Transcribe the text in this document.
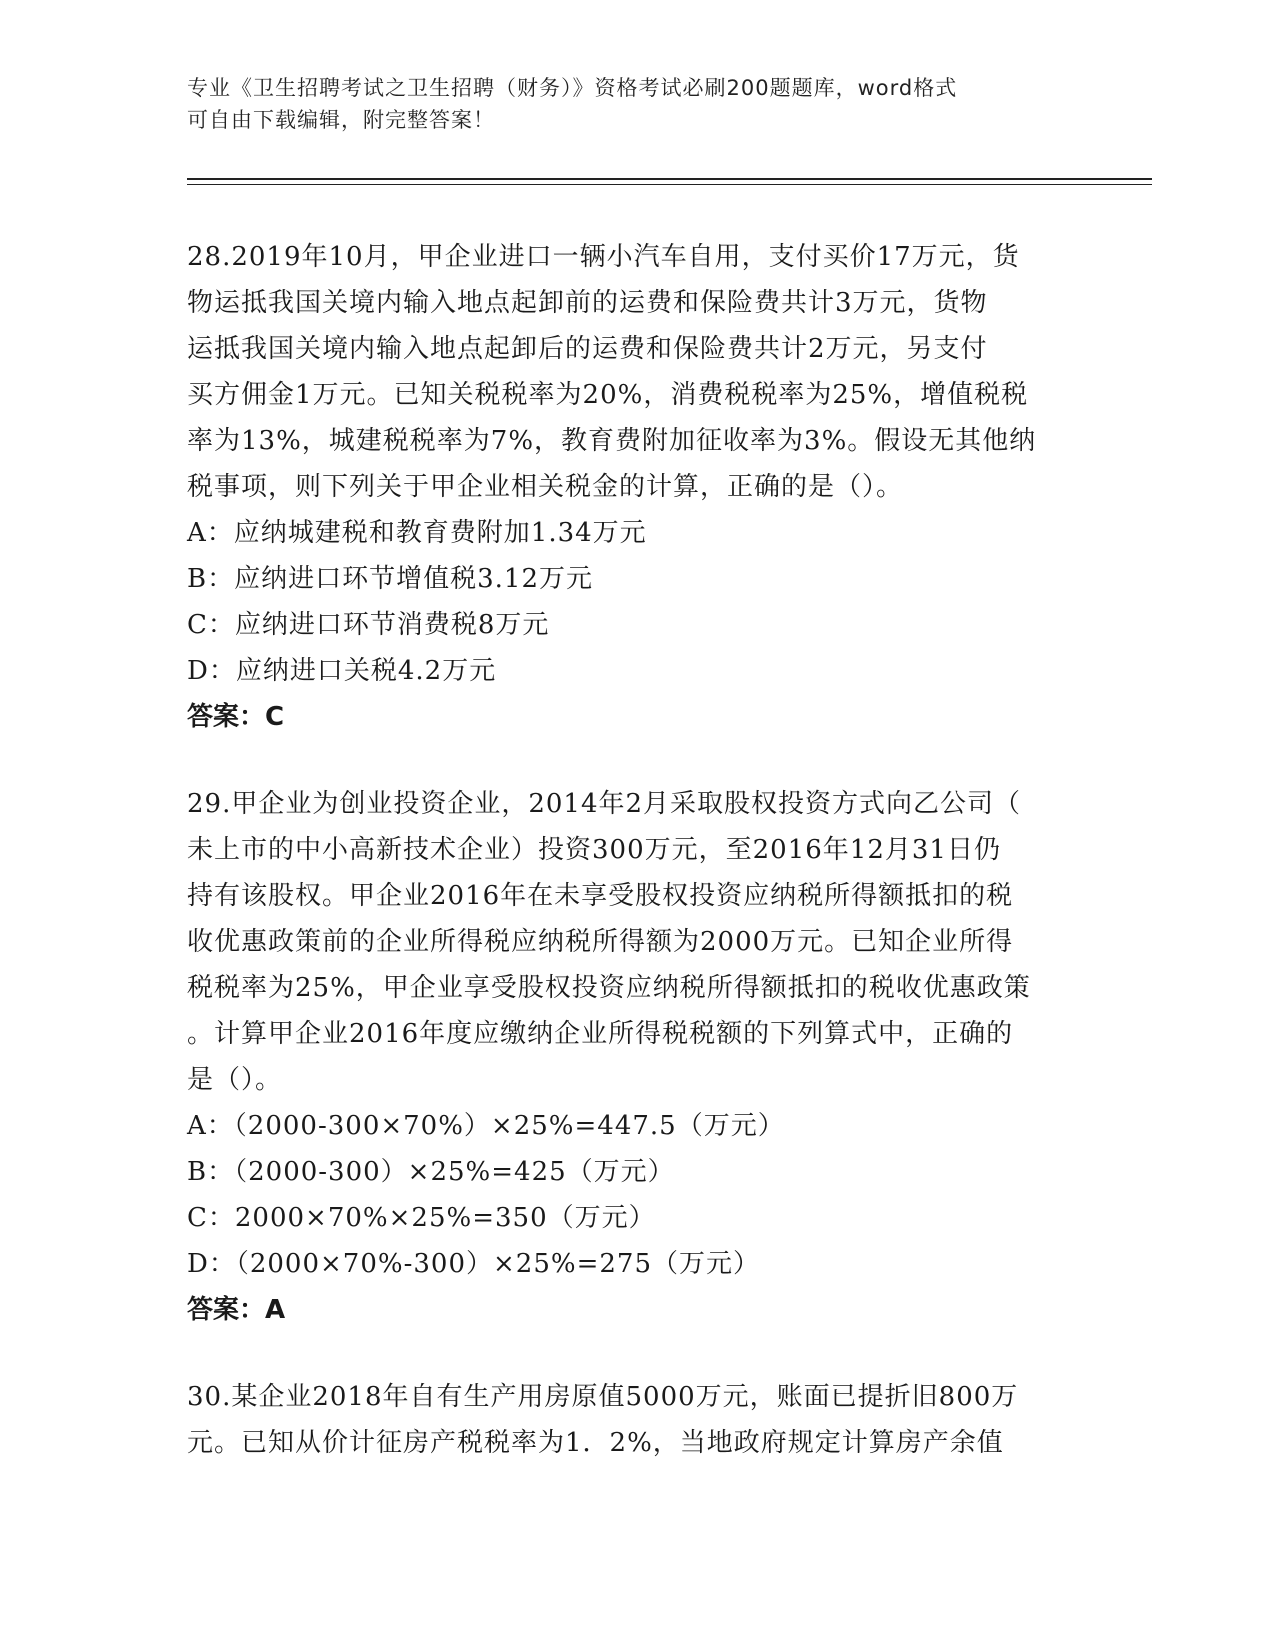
专业《卫生招聘考试之卫生招聘（财务）》资格考试必刷200题题库，word格式
可自由下载编辑，附完整答案！
28.2019年10月，甲企业进口一辆小汽车自用，支付买价17万元，货
物运抵我国关境内输入地点起卸前的运费和保险费共计3万元，货物
运抵我国关境内输入地点起卸后的运费和保险费共计2万元，另支付
买方佣金1万元。已知关税税率为20%，消费税税率为25%，增值税税
率为13%，城建税税率为7%，教育费附加征收率为3%。假设无其他纳
税事项，则下列关于甲企业相关税金的计算，正确的是（）。
A：应纳城建税和教育费附加1.34万元
B：应纳进口环节增值税3.12万元
C：应纳进口环节消费税8万元
D：应纳进口关税4.2万元
答案：C
29.甲企业为创业投资企业，2014年2月采取股权投资方式向乙公司（
未上市的中小高新技术企业）投资300万元，至2016年12月31日仍
持有该股权。甲企业2016年在未享受股权投资应纳税所得额抵扣的税
收优惠政策前的企业所得税应纳税所得额为2000万元。已知企业所得
税税率为25%，甲企业享受股权投资应纳税所得额抵扣的税收优惠政策
。计算甲企业2016年度应缴纳企业所得税税额的下列算式中，正确的
是（）。
A：（2000-300×70%）×25%=447.5（万元）
B：（2000-300）×25%=425（万元）
C：2000×70%×25%=350（万元）
D：（2000×70%-300）×25%=275（万元）
答案：A
30.某企业2018年自有生产用房原值5000万元，账面已提折旧800万
元。已知从价计征房产税税率为1．2%，当地政府规定计算房产余值
